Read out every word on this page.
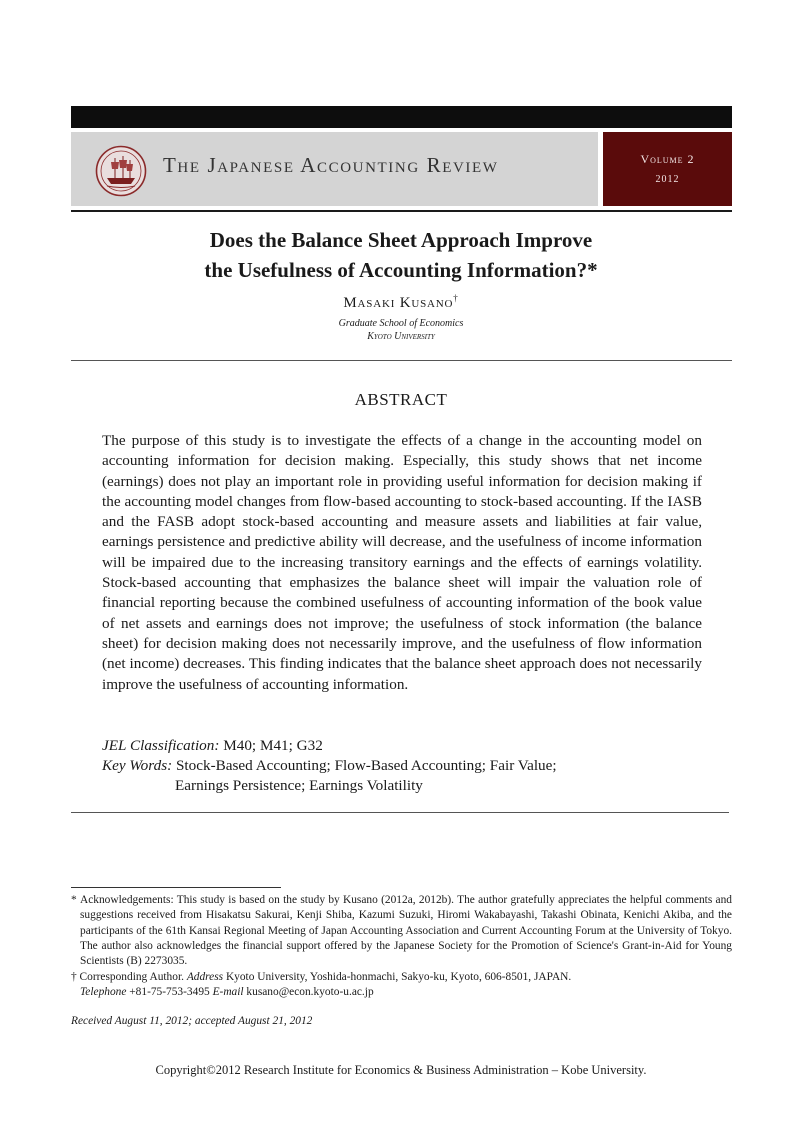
The Japanese Accounting Review	Volume 2
2012
Does the Balance Sheet Approach Improve
the Usefulness of Accounting Information?*
Masaki Kusano†
Graduate School of Economics
Kyoto University
ABSTRACT
The purpose of this study is to investigate the effects of a change in the accounting model on accounting information for decision making. Especially, this study shows that net income (earnings) does not play an important role in providing useful information for decision making if the accounting model changes from flow-based accounting to stock-based accounting. If the IASB and the FASB adopt stock-based accounting and measure assets and liabilities at fair value, earnings persistence and predictive ability will decrease, and the usefulness of income information will be impaired due to the increasing transitory earnings and the effects of earnings volatility. Stock-based accounting that emphasizes the balance sheet will impair the valuation role of financial reporting because the combined usefulness of accounting information of the book value of net assets and earnings does not improve; the usefulness of stock information (the balance sheet) for decision making does not necessarily improve, and the usefulness of flow information (net income) decreases. This finding indicates that the balance sheet approach does not necessarily improve the usefulness of accounting information.
JEL Classification: M40; M41; G32
Key Words: Stock-Based Accounting; Flow-Based Accounting; Fair Value;
Earnings Persistence; Earnings Volatility
* Acknowledgements: This study is based on the study by Kusano (2012a, 2012b). The author gratefully appreciates the helpful comments and suggestions received from Hisakatsu Sakurai, Kenji Shiba, Kazumi Suzuki, Hiromi Wakabayashi, Takashi Obinata, Kenichi Akiba, and the participants of the 61th Kansai Regional Meeting of Japan Accounting Association and Current Accounting Forum at the University of Tokyo. The author also acknowledges the financial support offered by the Japanese Society for the Promotion of Science's Grant-in-Aid for Young Scientists (B) 2273035.
† Corresponding Author. Address Kyoto University, Yoshida-honmachi, Sakyo-ku, Kyoto, 606-8501, JAPAN.
Telephone +81-75-753-3495 E-mail kusano@econ.kyoto-u.ac.jp
Received August 11, 2012; accepted August 21, 2012
Copyright©2012 Research Institute for Economics & Business Administration – Kobe University.
